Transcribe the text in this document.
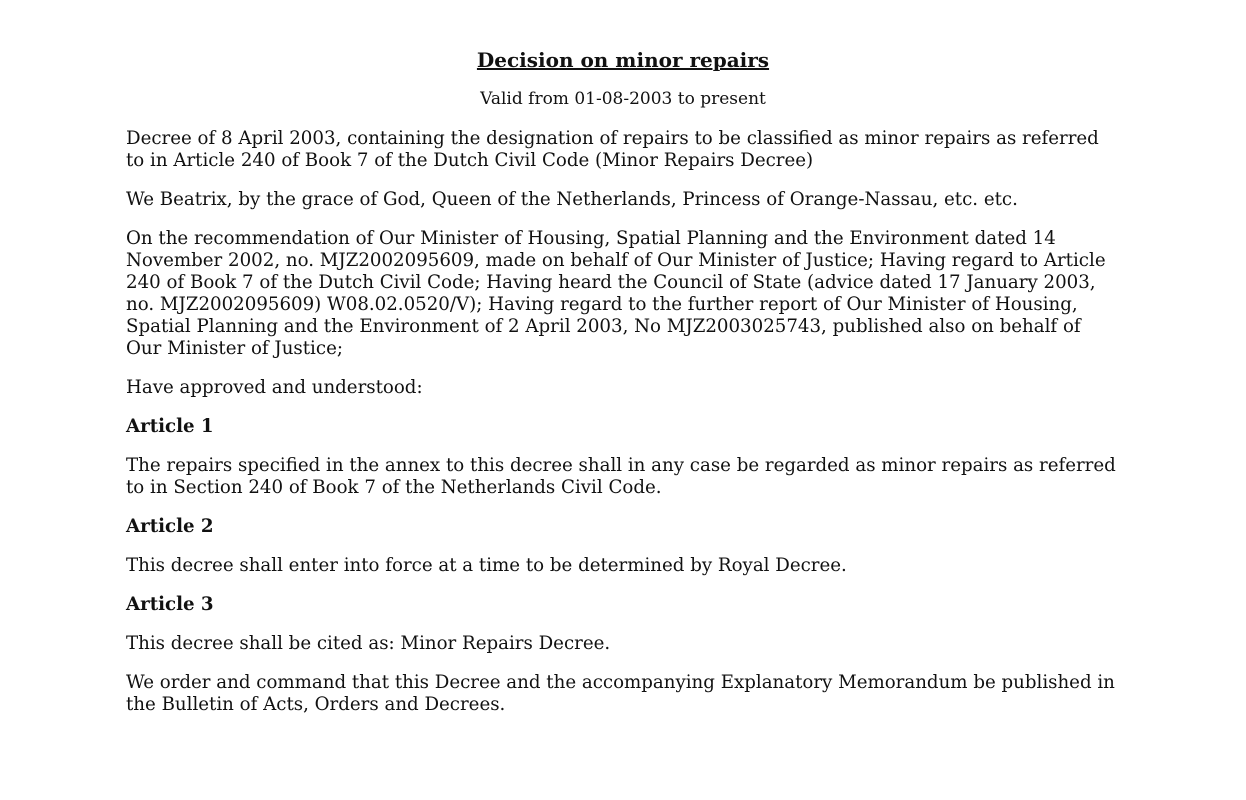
Decision on minor repairs
Valid from 01-08-2003 to present

Decree of 8 April 2003, containing the designation of repairs to be classified as minor repairs as referred to in Article 240 of Book 7 of the Dutch Civil Code (Minor Repairs Decree)

We Beatrix, by the grace of God, Queen of the Netherlands, Princess of Orange-Nassau, etc. etc.

On the recommendation of Our Minister of Housing, Spatial Planning and the Environment dated 14 November 2002, no. MJZ2002095609, made on behalf of Our Minister of Justice; Having regard to Article 240 of Book 7 of the Dutch Civil Code; Having heard the Council of State (advice dated 17 January 2003, no. MJZ2002095609) W08.02.0520/V); Having regard to the further report of Our Minister of Housing, Spatial Planning and the Environment of 2 April 2003, No MJZ2003025743, published also on behalf of Our Minister of Justice;

Have approved and understood:

Article 1

The repairs specified in the annex to this decree shall in any case be regarded as minor repairs as referred to in Section 240 of Book 7 of the Netherlands Civil Code.

Article 2

This decree shall enter into force at a time to be determined by Royal Decree.

Article 3

This decree shall be cited as: Minor Repairs Decree.

We order and command that this Decree and the accompanying Explanatory Memorandum be published in the Bulletin of Acts, Orders and Decrees.
